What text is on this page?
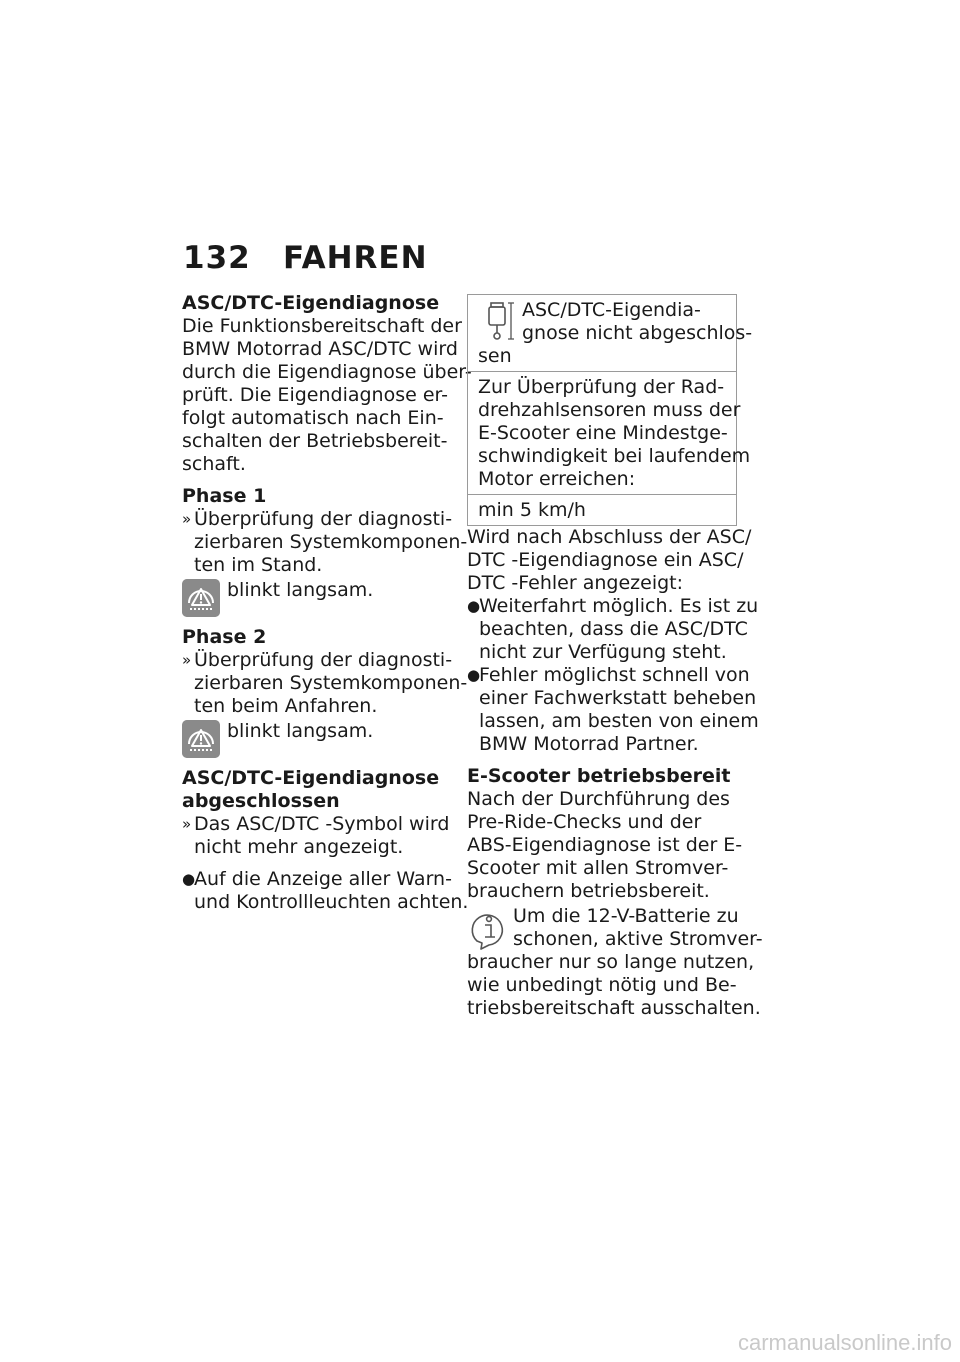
132 FAHREN
ASC/DTC-Eigendiagnose
Die Funktionsbereitschaft der
BMW Motorrad ASC/DTC wird
durch die Eigendiagnose über-
prüft. Die Eigendiagnose er-
folgt automatisch nach Ein-
schalten der Betriebsbereit-
schaft.
Phase 1
» Überprüfung der diagnosti-
zierbaren Systemkomponen-
ten im Stand.
blinkt langsam.
Phase 2
» Überprüfung der diagnosti-
zierbaren Systemkomponen-
ten beim Anfahren.
blinkt langsam.
ASC/DTC-Eigendiagnose
abgeschlossen
» Das ASC/DTC -Symbol wird
nicht mehr angezeigt.
●
Auf die Anzeige aller Warn-
und Kontrollleuchten achten.
ASC/DTC-Eigendia-
gnose nicht abgeschlos-
sen
Zur Überprüfung der Rad-
drehzahlsensoren muss der
E-Scooter eine Mindestge-
schwindigkeit bei laufendem
Motor erreichen:
min 5 km/h
Wird nach Abschluss der ASC/
DTC -Eigendiagnose ein ASC/
DTC -Fehler angezeigt:
●
Weiterfahrt möglich. Es ist zu
beachten, dass die ASC/DTC
nicht zur Verfügung steht.
●
Fehler möglichst schnell von
einer Fachwerkstatt beheben
lassen, am besten von einem
BMW Motorrad Partner.
E-Scooter betriebsbereit
Nach der Durchführung des
Pre-Ride-Checks und der
ABS-Eigendiagnose ist der E-
Scooter mit allen Stromver-
brauchern betriebsbereit.
Um die 12-V-Batterie zu
schonen, aktive Stromver-
braucher nur so lange nutzen,
wie unbedingt nötig und Be-
triebsbereitschaft ausschalten.
carmanualsonline.info
